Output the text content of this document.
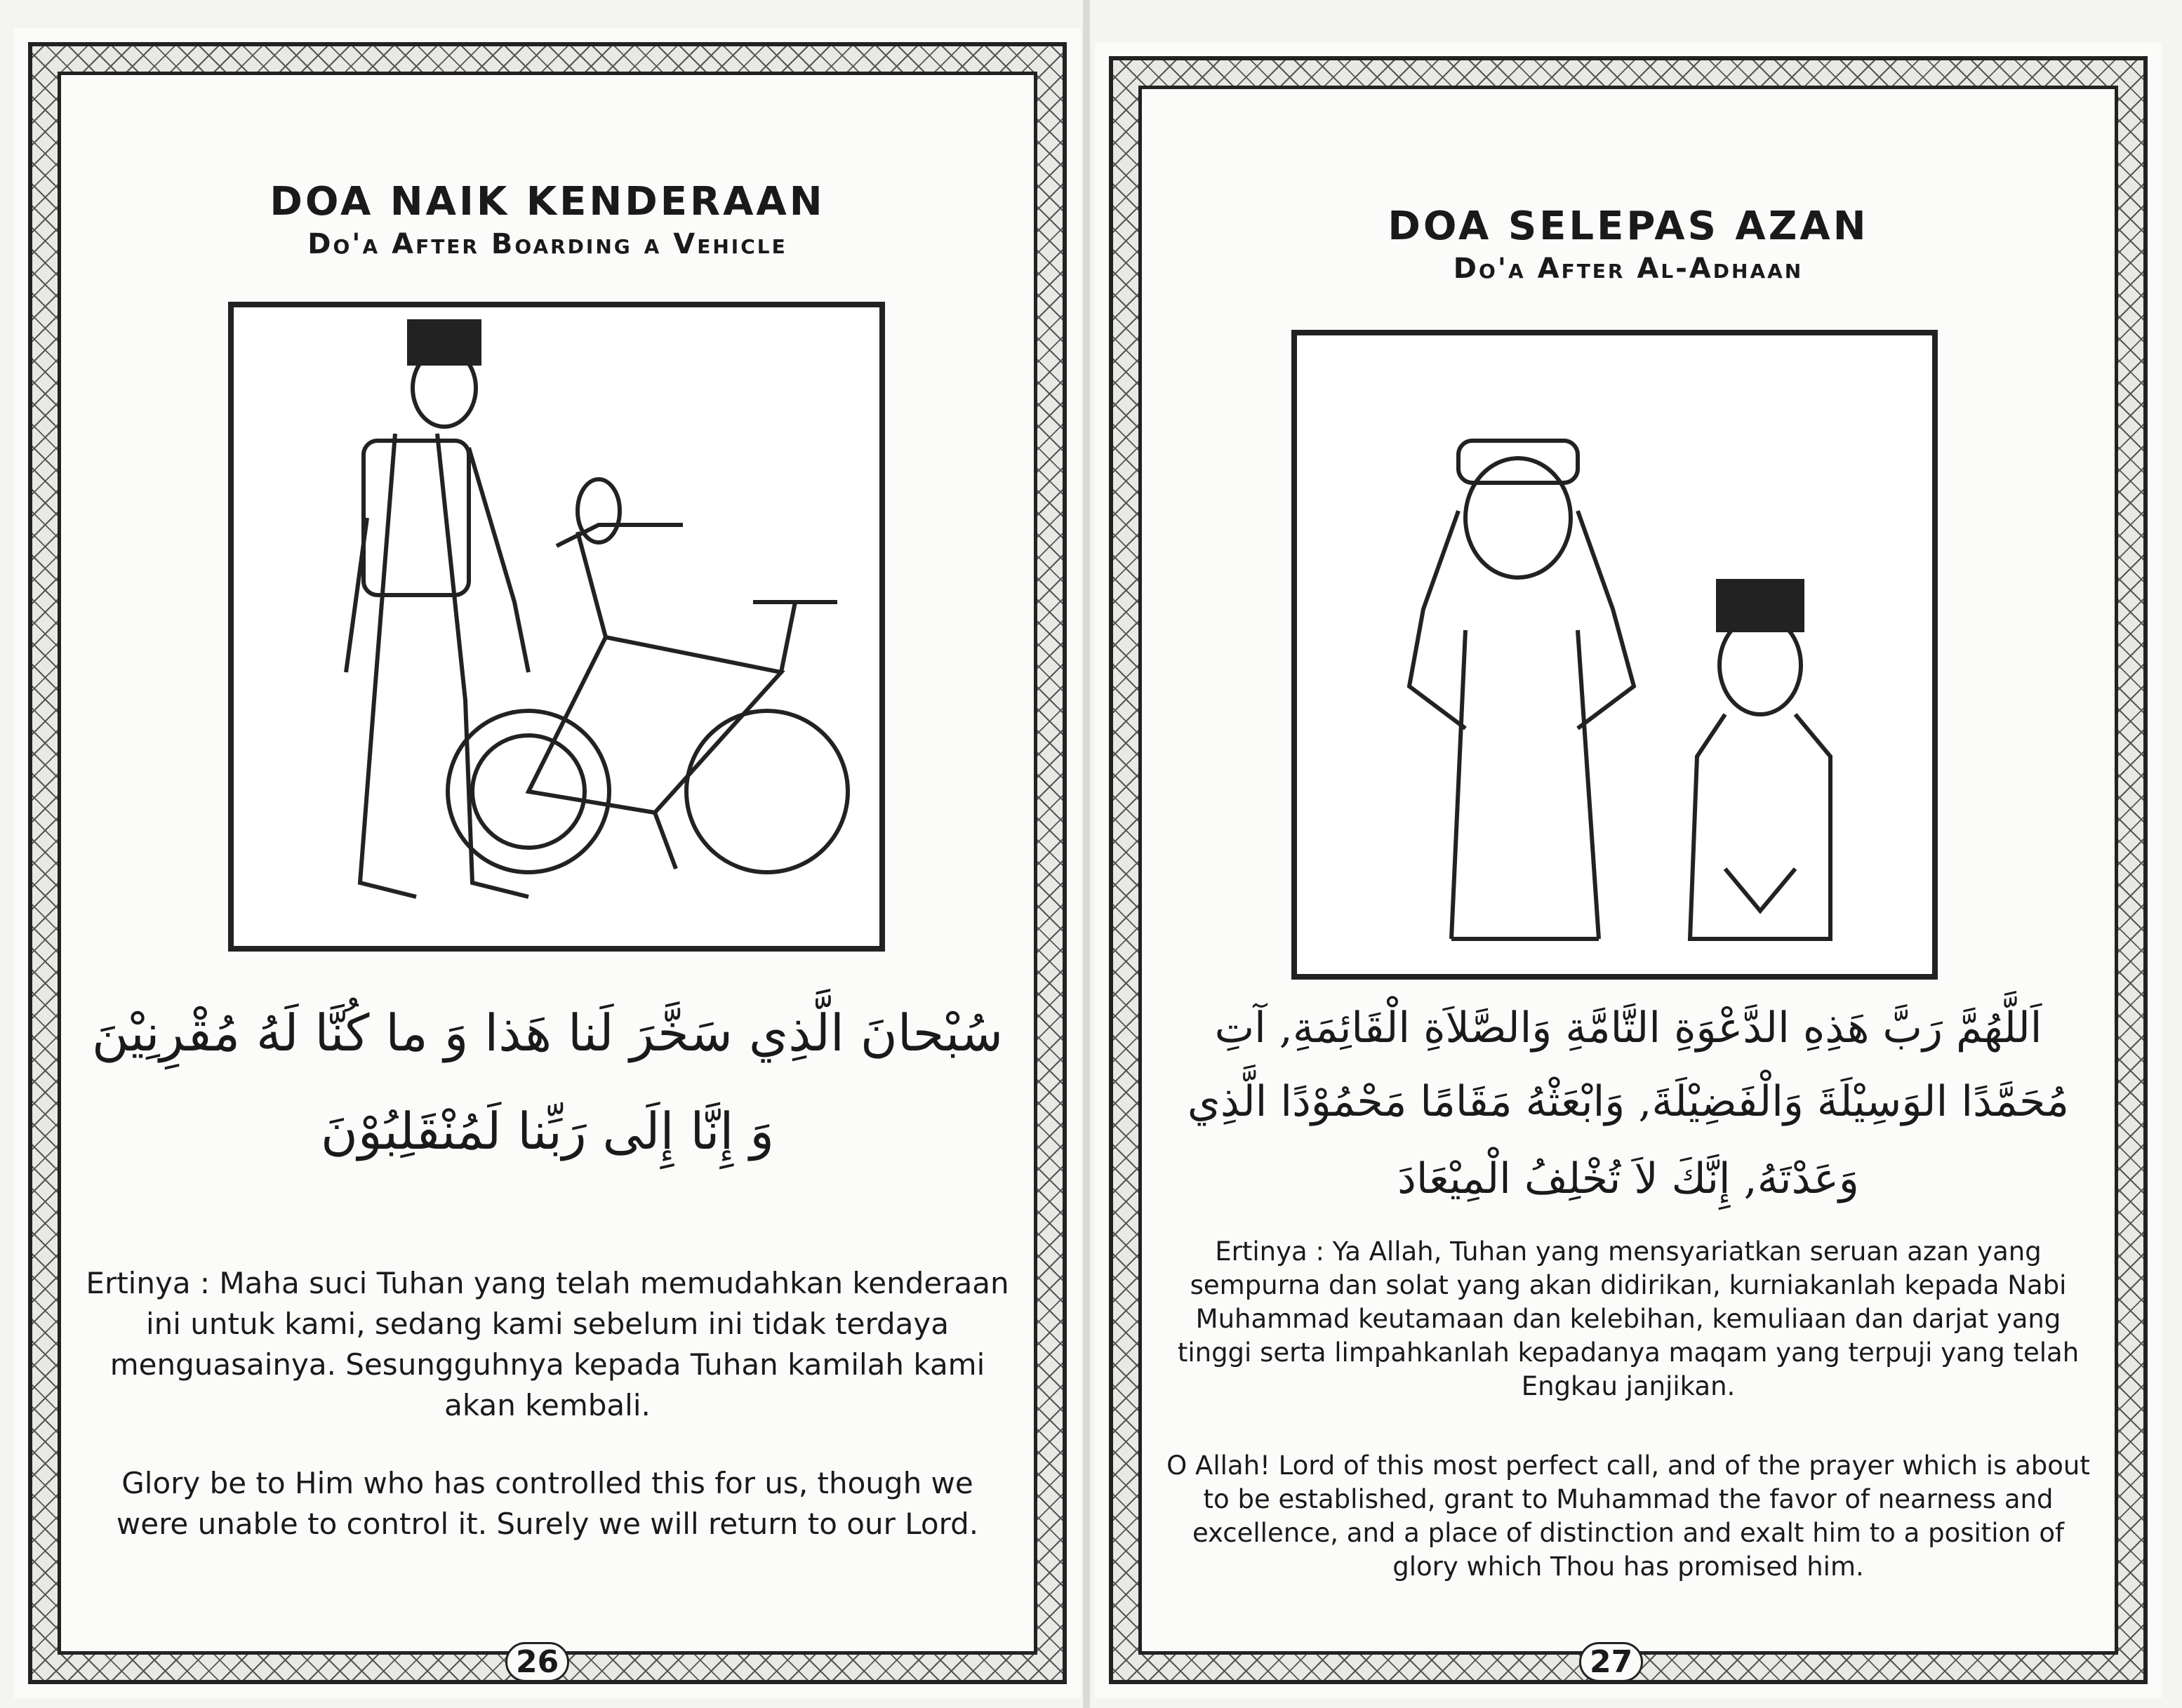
DOA NAIK KENDERAAN
Do'a After Boarding a Vehicle
سُبْحانَ الَّذِي سَخَّرَ لَنا هَذا وَ ما كُنَّا لَهُ مُقْرِنِيْنَ
وَ إِنَّا إِلَى رَبِّنا لَمُنْقَلِبُوْنَ
Ertinya : Maha suci Tuhan yang telah memudahkan kenderaan ini untuk kami, sedang kami sebelum ini tidak terdaya menguasainya. Sesungguhnya kepada Tuhan kamilah kami akan kembali.
Glory be to Him who has controlled this for us, though we were unable to control it. Surely we will return to our Lord.
26
DOA SELEPAS AZAN
Do'a After Al-Adhaan
اَللَّهُمَّ رَبَّ هَذِهِ الدَّعْوَةِ التَّامَّةِ وَالصَّلاَةِ الْقَائِمَةِ, آتِ
مُحَمَّدًا الوَسِيْلَةَ وَالْفَضِيْلَةَ, وَابْعَثْهُ مَقَامًا مَحْمُوْدًا الَّذِي
وَعَدْتَهُ, إِنَّكَ لاَ تُخْلِفُ الْمِيْعَادَ
Ertinya : Ya Allah, Tuhan yang mensyariatkan seruan azan yang sempurna dan solat yang akan didirikan, kurniakanlah kepada Nabi Muhammad keutamaan dan kelebihan, kemuliaan dan darjat yang tinggi serta limpahkanlah kepadanya maqam yang terpuji yang telah Engkau janjikan.
O Allah! Lord of this most perfect call, and of the prayer which is about to be established, grant to Muhammad the favor of nearness and excellence, and a place of distinction and exalt him to a position of glory which Thou has promised him.
27
